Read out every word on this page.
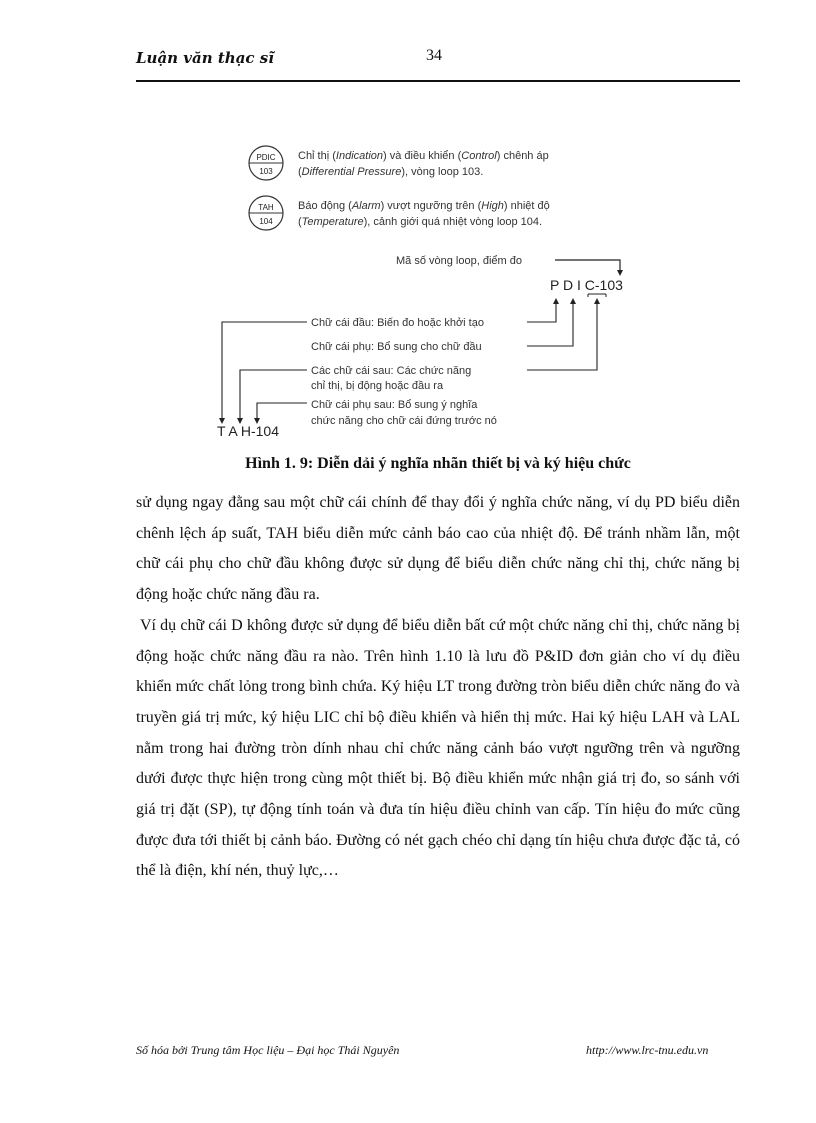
Luận văn thạc sĩ	34
PDIC
103
Chỉ thị (Indication) và điều khiển (Control) chênh áp
(Differential Pressure), vòng loop 103.
TAH
104
Báo động (Alarm) vượt ngưỡng trên (High) nhiệt độ
(Temperature), cảnh giới quá nhiệt vòng loop 104.
Mã số vòng loop, điểm đo
P D I C-103
Chữ cái đầu: Biến đo hoặc khởi tạo
Chữ cái phụ: Bổ sung cho chữ đầu
Các chữ cái sau: Các chức năng
chỉ thị, bị động hoặc đầu ra
Chữ cái phụ sau: Bổ sung ý nghĩa
chức năng cho chữ cái đứng trước nó
T A H-104
Hình 1. 9: Diễn dải ý nghĩa nhãn thiết bị và ký hiệu chức

sử dụng ngay đằng sau một chữ cái chính để thay đổi ý nghĩa chức năng, ví dụ PD biểu diễn chênh lệch áp suất, TAH biểu diễn mức cảnh báo cao của nhiệt độ. Để tránh nhầm lẫn, một chữ cái phụ cho chữ đầu không được sử dụng để biểu diễn chức năng chỉ thị, chức năng bị động hoặc chức năng đầu ra.

Ví dụ chữ cái D không được sử dụng để biểu diễn bất cứ một chức năng chỉ thị, chức năng bị động hoặc chức năng đầu ra nào. Trên hình 1.10 là lưu đồ P&ID đơn giản cho ví dụ điều khiển mức chất lỏng trong bình chứa. Ký hiệu LT trong đường tròn biểu diễn chức năng đo và truyền giá trị mức, ký hiệu LIC chỉ bộ điều khiển và hiển thị mức. Hai ký hiệu LAH và LAL nằm trong hai đường tròn dính nhau chỉ chức năng cảnh báo vượt ngưỡng trên và ngưỡng dưới được thực hiện trong cùng một thiết bị. Bộ điều khiển mức nhận giá trị đo, so sánh với giá trị đặt (SP), tự động tính toán và đưa tín hiệu điều chỉnh van cấp. Tín hiệu đo mức cũng được đưa tới thiết bị cảnh báo. Đường có nét gạch chéo chỉ dạng tín hiệu chưa được đặc tả, có thể là điện, khí nén, thuỷ lực,…

Số hóa bởi Trung tâm Học liệu – Đại học Thái Nguyên	http://www.lrc-tnu.edu.vn
